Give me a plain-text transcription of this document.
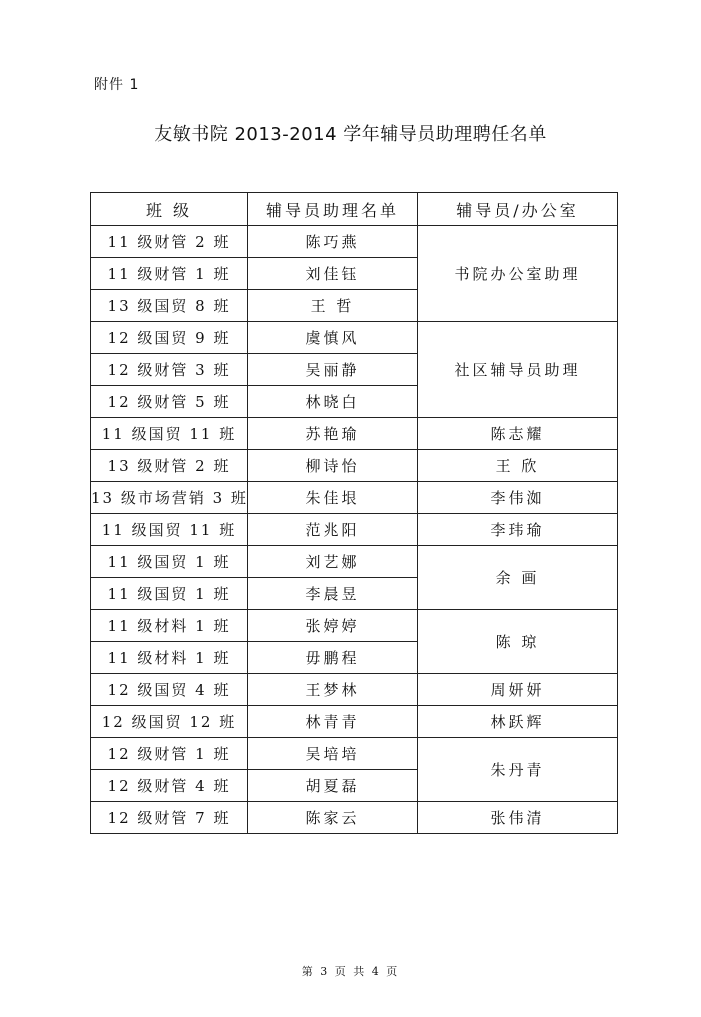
附件 1
友敏书院 2013-2014 学年辅导员助理聘任名单
班 级	辅导员助理名单	辅导员/办公室
11 级财管 2 班	陈巧燕	书院办公室助理
11 级财管 1 班	刘佳钰	
13 级国贸 8 班	王 哲	
12 级国贸 9 班	虞慎风	社区辅导员助理
12 级财管 3 班	吴丽静	
12 级财管 5 班	林晓白	
11 级国贸 11 班	苏艳瑜	陈志耀
13 级财管 2 班	柳诗怡	王 欣
13 级市场营销 3 班	朱佳垠	李伟洳
11 级国贸 11 班	范兆阳	李玮瑜
11 级国贸 1 班	刘艺娜	余 画
11 级国贸 1 班	李晨昱	
11 级材料 1 班	张婷婷	陈 琼
11 级材料 1 班	毋鹏程	
12 级国贸 4 班	王梦林	周妍妍
12 级国贸 12 班	林青青	林跃辉
12 级财管 1 班	吴培培	朱丹青
12 级财管 4 班	胡夏磊	
12 级财管 7 班	陈家云	张伟清
第 3 页 共 4 页
